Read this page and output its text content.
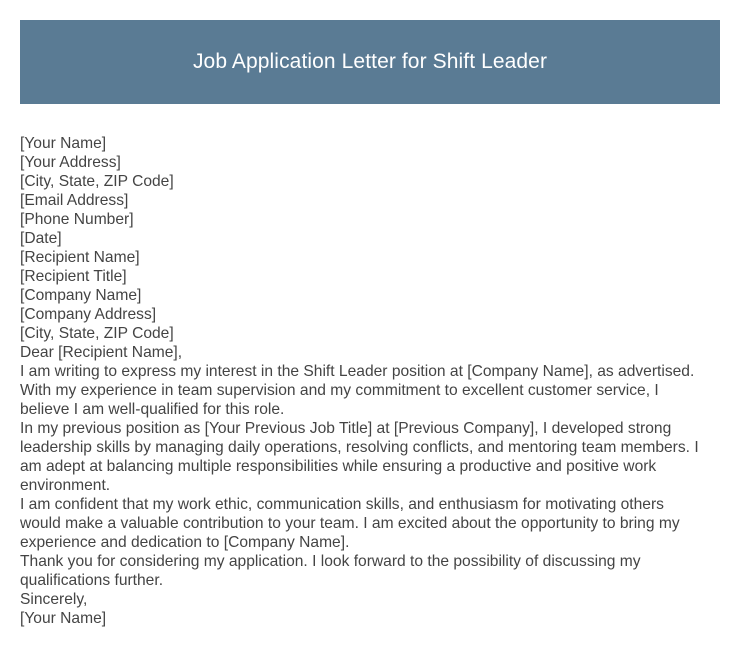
Job Application Letter for Shift Leader
[Your Name]
[Your Address]
[City, State, ZIP Code]
[Email Address]
[Phone Number]
[Date]
[Recipient Name]
[Recipient Title]
[Company Name]
[Company Address]
[City, State, ZIP Code]
Dear [Recipient Name],
I am writing to express my interest in the Shift Leader position at [Company Name], as advertised.
With my experience in team supervision and my commitment to excellent customer service, I
believe I am well-qualified for this role.
In my previous position as [Your Previous Job Title] at [Previous Company], I developed strong
leadership skills by managing daily operations, resolving conflicts, and mentoring team members. I
am adept at balancing multiple responsibilities while ensuring a productive and positive work
environment.
I am confident that my work ethic, communication skills, and enthusiasm for motivating others
would make a valuable contribution to your team. I am excited about the opportunity to bring my
experience and dedication to [Company Name].
Thank you for considering my application. I look forward to the possibility of discussing my
qualifications further.
Sincerely,
[Your Name]
